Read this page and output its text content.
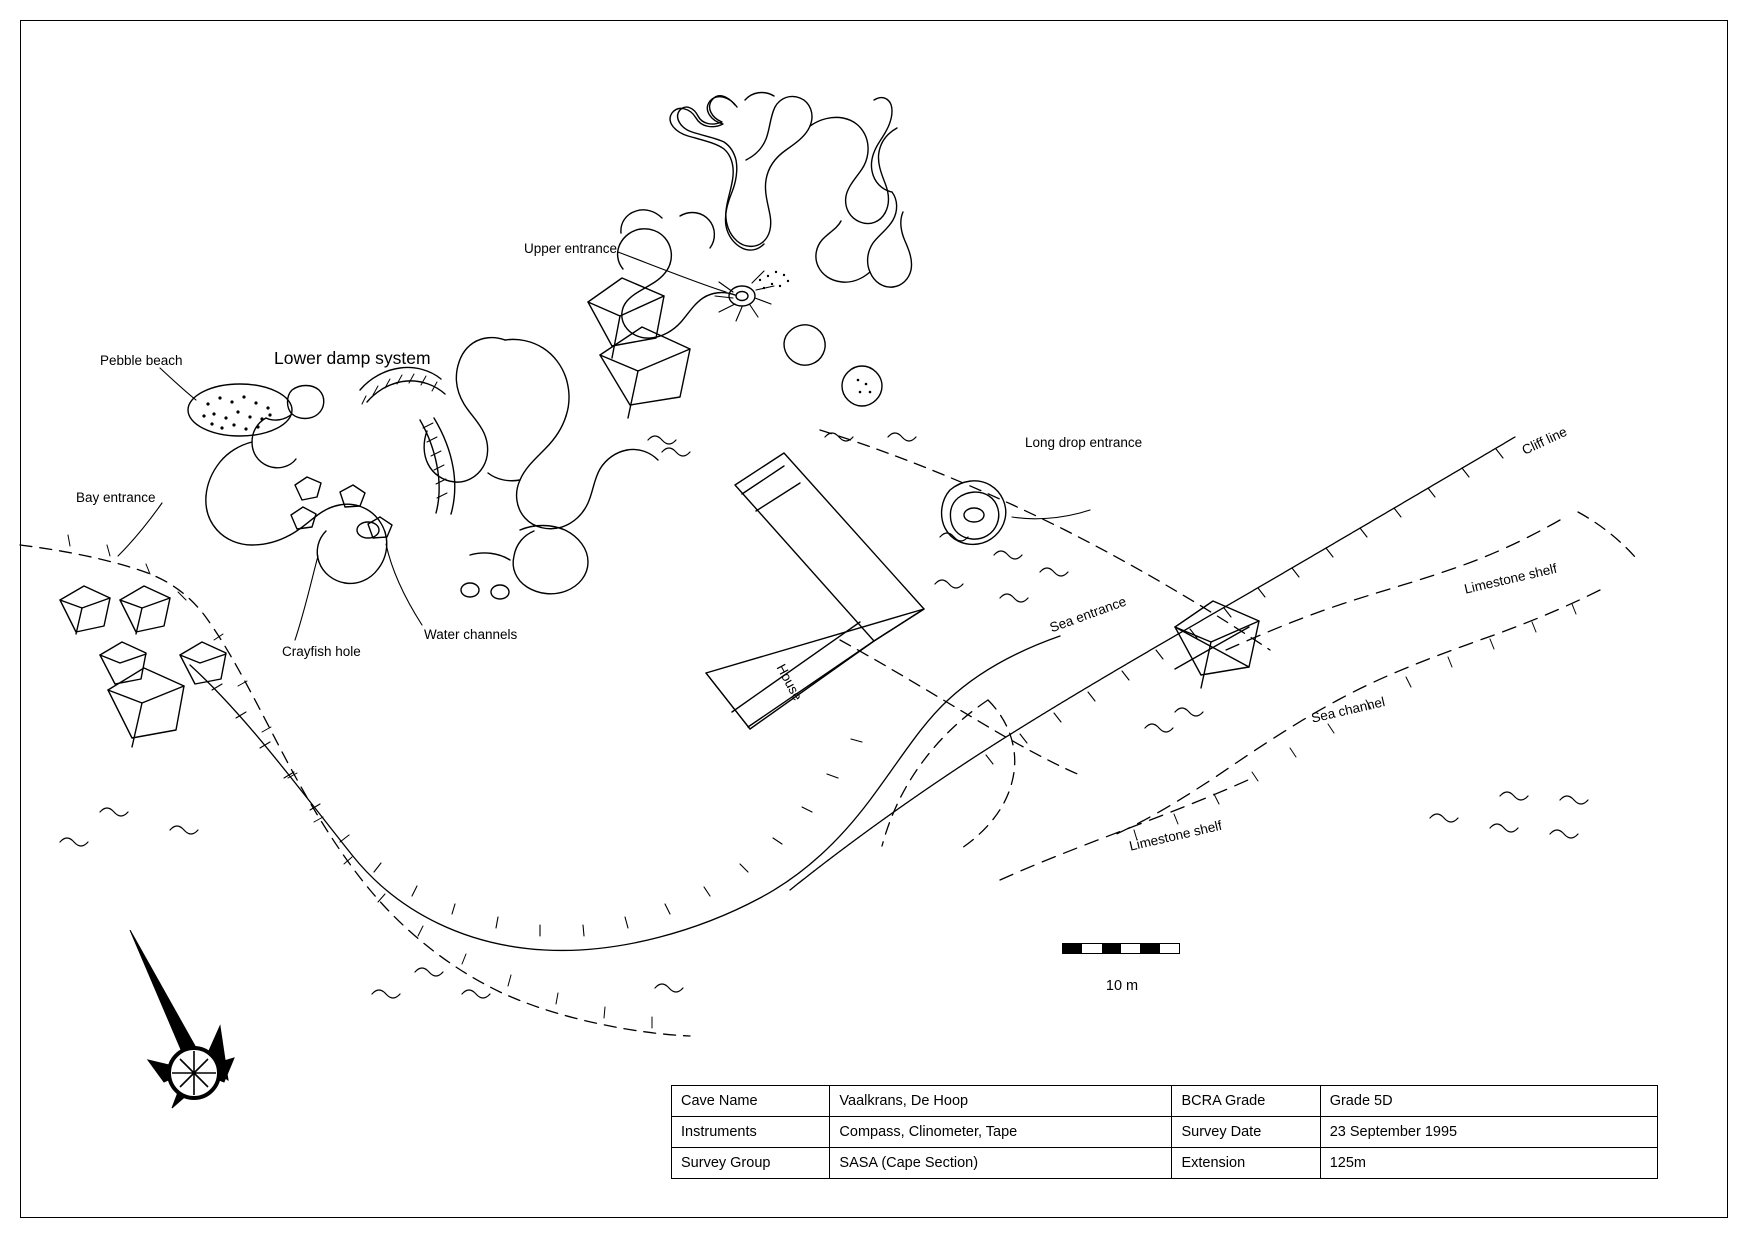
Upper entrance
Pebble beach	Lower damp system
Bay entrance
Crayfish hole
Water channels
House
Long drop entrance
Sea entrance
Cliff line
Limestone shelf
Limestone shelf
Sea channel
10 m
Cave Name	Vaalkrans, De Hoop	BCRA Grade	Grade 5D
Instruments	Compass, Clinometer, Tape	Survey Date	23 September 1995
Survey Group	SASA (Cape Section)	Extension	125m
